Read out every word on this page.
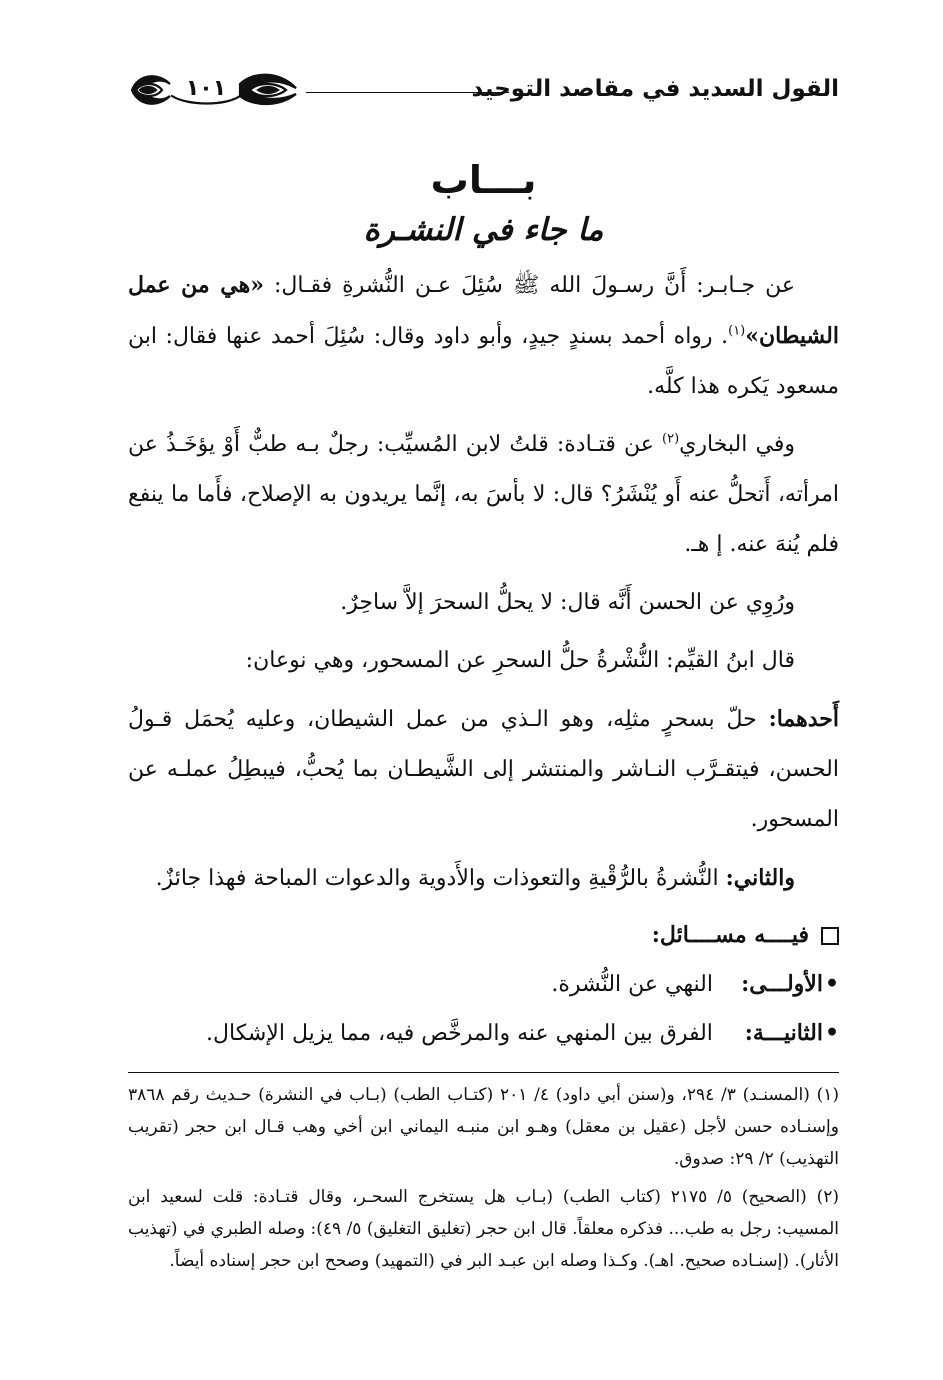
القول السديد في مقاصد التوحيد
١٠١
بـــاب
ما جاء في النشـرة

عن جـابـر: أَنَّ رسـولَ الله ﷺ سُئِلَ عـن النُّشرةِ فقـال: «هي من عمل الشيطان»$^{(١)}$. رواه أحمد بسندٍ جيدٍ، وأبو داود وقال: سُئِلَ أحمد عنها فقال: ابن مسعود يَكره هذا كلَّه.

وفي البخاري$^{(٢)}$ عن قتـادة: قلتُ لابن المُسيِّب: رجلٌ بـه طبٌّ أَوْ يؤخَـذُ عن امرأته، أَتحلُّ عنه أَو يُنْشَرُ؟ قال: لا بأسَ به، إنَّما يريدون به الإصلاح، فأَما ما ينفع فلم يُنهَ عنه. إ هـ.

ورُوِي عن الحسن أَنَّه قال: لا يحلُّ السحرَ إلاَّ ساحِرٌ.

قال ابنُ القيِّم: النُّشْرةُ حلُّ السحرِ عن المسحور، وهي نوعان:

أَحدهما: حلّ بسحرٍ مثلِه، وهو الـذي من عمل الشيطان، وعليه يُحمَل قـولُ الحسن، فيتقـرَّب النـاشر والمنتشر إلى الشَّيطـان بما يُحبُّ، فيبطِلُ عملـه عن المسحور.

والثاني: النُّشرةُ بالرُّقْيةِ والتعوذات والأَدوية والدعوات المباحة فهذا جائزٌ.

فيــــه مســــائل:
•الأولـــى:النهي عن النُّشرة.
•الثانيـــة:الفرق بين المنهي عنه والمرخَّص فيه، مما يزيل الإشكال.

(١) (المسنـد) ٣/ ٢٩٤، و(سنن أبي داود) ٤/ ٢٠١ (كتـاب الطب) (بـاب في النشرة) حـديث رقم ٣٨٦٨ وإسنـاده حسن لأجل (عقيل بن معقل) وهـو ابن منبـه اليماني ابن أخي وهب قـال ابن حجر (تقريب التهذيب) ٢/ ٢٩: صدوق.

(٢) (الصحيح) ٥/ ٢١٧٥ (كتاب الطب) (بـاب هل يستخرج السحـر، وقال قتـادة: قلت لسعيد ابن المسيب: رجل به طب... فذكره معلقاً. قال ابن حجر (تغليق التغليق) ٥/ ٤٩): وصله الطبري في (تهذيب الأثار). (إسنـاده صحيح. اهـ). وكـذا وصله ابن عبـد البر في (التمهيد) وصحح ابن حجر إسناده أيضاً.
